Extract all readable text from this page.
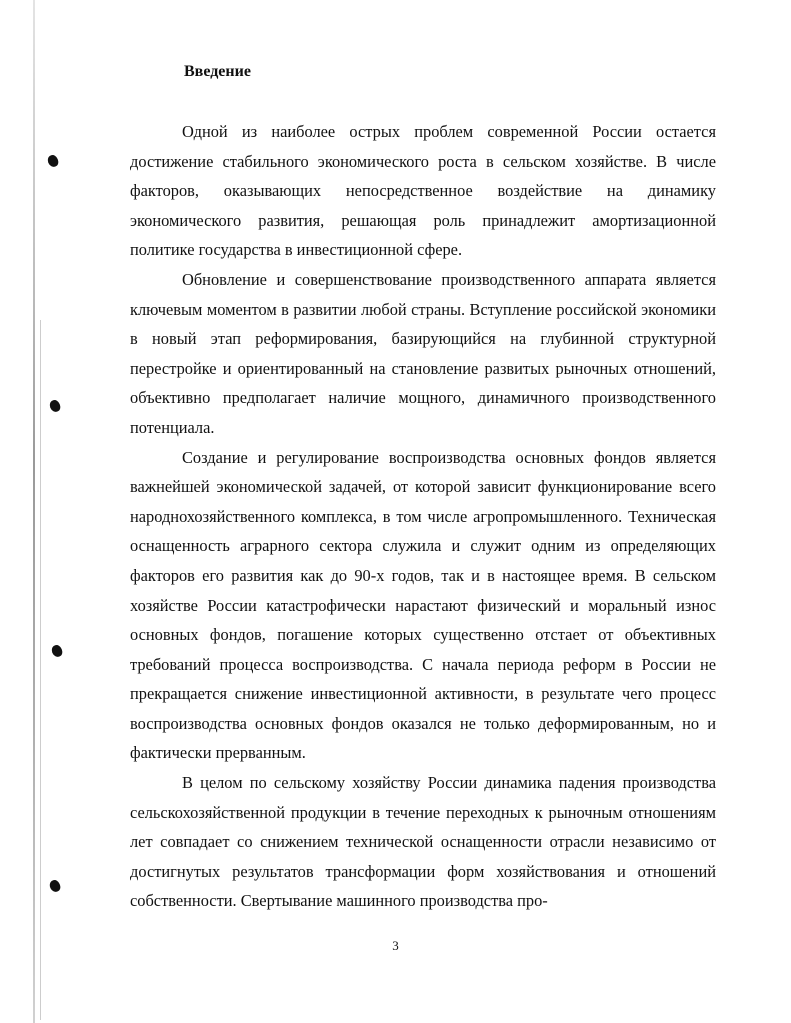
Введение

Одной из наиболее острых проблем современной России остается достижение стабильного экономического роста в сельском хозяйстве. В числе факторов, оказывающих непосредственное воздействие на динамику экономического развития, решающая роль принадлежит амортизационной политике государства в инвестиционной сфере.

Обновление и совершенствование производственного аппарата является ключевым моментом в развитии любой страны. Вступление российской экономики в новый этап реформирования, базирующийся на глубинной структурной перестройке и ориентированный на становление развитых рыночных отношений, объективно предполагает наличие мощного, динамичного производственного потенциала.

Создание и регулирование воспроизводства основных фондов является важнейшей экономической задачей, от которой зависит функционирование всего народнохозяйственного комплекса, в том числе агропромышленного. Техническая оснащенность аграрного сектора служила и служит одним из определяющих факторов его развития как до 90-х годов, так и в настоящее время. В сельском хозяйстве России катастрофически нарастают физический и моральный износ основных фондов, погашение которых существенно отстает от объективных требований процесса воспроизводства. С начала периода реформ в России не прекращается снижение инвестиционной активности, в результате чего процесс воспроизводства основных фондов оказался не только деформированным, но и фактически прерванным.

В целом по сельскому хозяйству России динамика падения производства сельскохозяйственной продукции в течение переходных к рыночным отношениям лет совпадает со снижением технической оснащенности отрасли независимо от достигнутых результатов трансформации форм хозяйствования и отношений собственности. Свертывание машинного производства про-

3
